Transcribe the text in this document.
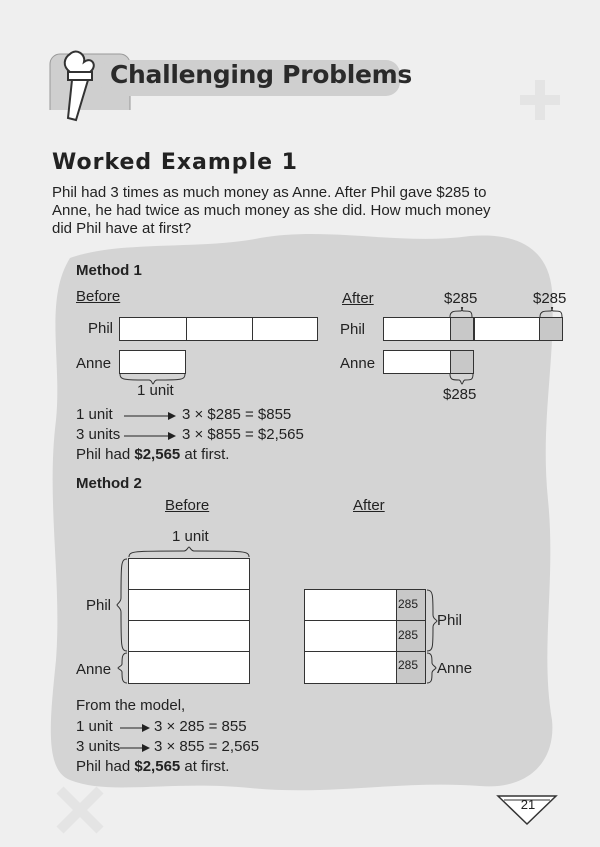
Challenging Problems
Worked Example 1

Phil had 3 times as much money as Anne. After Phil gave $285 to

Anne, he had twice as much money as she did. How much money

did Phil have at first?

Method 1
Before	After	$285	$285
Phil	Phil
Anne	Anne
1 unit	$285
1 unit	3 × $285 = $855
3 units	3 × $855 = $2,565
Phil had $2,565 at first.
Method 2
Before	After
1 unit
Phil
Anne
285
285
285
Phil
Anne
From the model,
1 unit	3 × 285 = 855
3 units 3 × 855 = 2,565
Phil had $2,565 at first.
21
